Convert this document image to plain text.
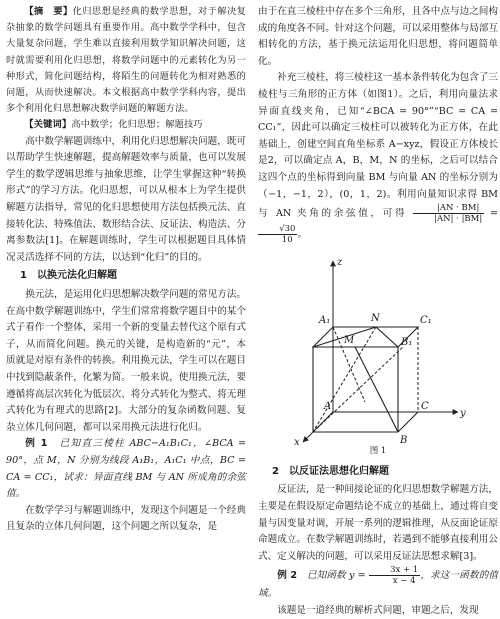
【摘　要】化归思想是经典的数学思想，对于解决复杂抽象的数学问题具有重要作用。高中数学学科中，包含大量复杂问题，学生难以直接利用数学知识解决问题，这时就需要利用化归思想，将数学问题中的元素转化为另一种形式，简化问题结构，将陌生的问题转化为相对熟悉的问题，从而快速解决。本文根据高中数学学科内容，提出多个利用化归思想解决数学问题的解题方法。

【关键词】高中数学；化归思想；解题技巧

高中数学解题训练中，利用化归思想解决问题，既可以帮助学生快速解题，提高解题效率与质量，也可以发展学生的数学逻辑思维与抽象思维，让学生掌握这种“转换形式”的学习方法。化归思想，可以从根本上为学生提供解题方法指导，常见的化归思想使用方法包括换元法、直接转化法、特殊值法、数形结合法、反证法、构造法、分离参数法[1]。在解题训练时，学生可以根据题目具体情况灵活选择不同的方法，以达到“化归”的目的。

1　以换元法化归解题

换元法，是运用化归思想解决数学问题的常见方法。在高中数学解题训练中，学生们常常将数学题目中的某个式子看作一个整体，采用一个新的变量去替代这个原有式子，从而简化问题。换元的关键，是构造新的“元”，本质就是对原有条件的转换。利用换元法，学生可以在题目中找到隐蔽条件，化繁为简。一般来说，使用换元法，要遵循将高层次转化为低层次、将分式转化为整式、将无理式转化为有理式的思路[2]。大部分的复杂函数问题、复杂立体几何问题，都可以采用换元法进行化归。

例 1　 已知直三棱柱 ABC−A₁B₁C₁，∠BCA = 90°，点 M，N 分别为线段 A₁B₁，A₁C₁ 中点，BC = CA = CC₁，试求：异面直线 BM 与 AN 所成角的余弦值。

在数学学习与解题训练中，发现这个问题是一个经典且复杂的立体几何问题，这个问题之所以复杂，是

由于在直三棱柱中存在多个三角形，且各中点与边之间构成的角度各不同。针对这个问题，可以采用整体与局部互相转化的方法，基于换元法运用化归思想，将问题简单化。

补充三棱柱，将三棱柱这一基本条件转化为包含了三棱柱与三角形的正方体（如图1）。之后，利用向量法求异面直线夹角，已知“∠BCA = 90°”“BC = CA = CC₁”，因此可以确定三棱柱可以被转化为正方体，在此基础上，创建空间直角坐标系 A−xyz，假设正方体棱长是2，可以确定点 A，B，M，N 的坐标，之后可以结合这四个点的坐标得到向量 BM 与向量 AN 的坐标分别为（−1，−1，2），(0，1，2)。利用向量知识求得 BM 与 AN 夹角的余弦值，可得 $\frac{|AN \cdot BM|}{|AN| \cdot |BM|}$ =
$\frac{√30}{10}$ 。

z
x
y
A₁	N	C₁
M	B₁
A	C
B
图 1
2　以反证法思想化归解题

反证法，是一种间接论证的化归思想数学解题方法，主要是在假设原定命题结论不成立的基础上，通过将自变量与因变量对调，开展一系列的逻辑推理，从反面论证原命题成立。在数学解题训练时，若遇到不能够直接利用公式、定义解决的问题，可以采用反证法思想求解[3]。

例 2　 已知函数 $y = \frac{3x + 1}{x - 4}$ ，求这一函数的值域。

该题是一道经典的解析式问题，审题之后，发现
